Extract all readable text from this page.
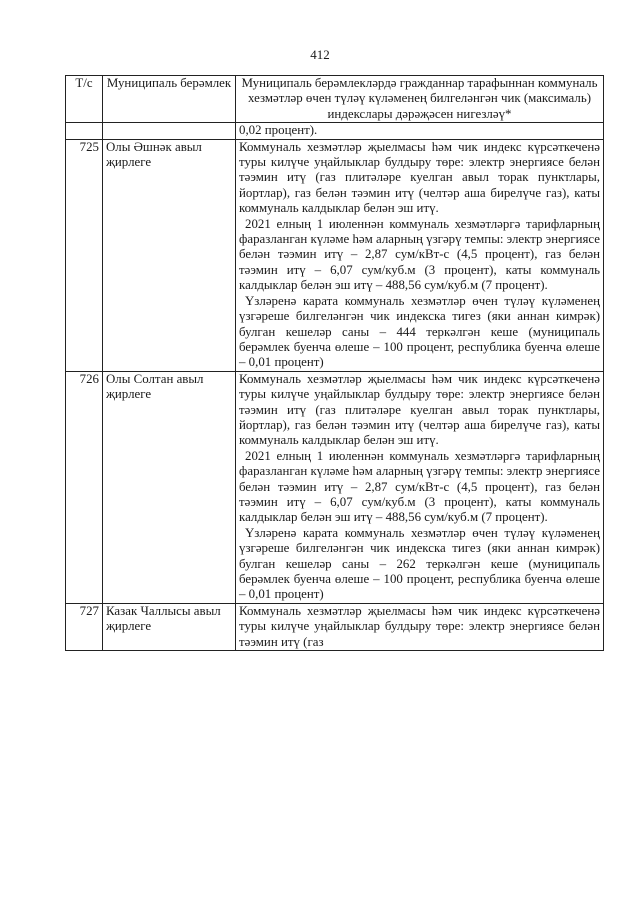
412
Т/с	Муниципаль берәмлек	Муниципаль берәмлекләрдә гражданнар тарафыннан коммуналь хезмәтләр өчен түләү күләменең билгеләнгән чик (максималь) индекслары дәрәҗәсен нигезләү*
		0,02 процент).
725	Олы Әшнәк авыл җирлеге	Коммуналь хезмәтләр җыелмасы һәм чик индекс күрсәткеченә туры килүче уңайлыклар булдыру төре: электр энергиясе белән тәэмин итү (газ плитәләре куелган авыл торак пунктлары, йортлар), газ белән тәэмин итү (челтәр аша бирелүче газ), каты коммуналь калдыклар белән эш итү.
2021 елның 1 июленнән коммуналь хезмәтләргә тарифларның фаразланган күләме һәм аларның үзгәрү темпы: электр энергиясе белән тәэмин итү – 2,87 сум/кВт-с (4,5 процент), газ белән тәэмин итү – 6,07 сум/куб.м (3 процент), каты коммуналь калдыклар белән эш итү – 488,56 сум/куб.м (7 процент).
Үзләренә карата коммуналь хезмәтләр өчен түләү күләменең үзгәреше билгеләнгән чик индекска тигез (яки аннан кимрәк) булган кешеләр саны – 444 теркәлгән кеше (муниципаль берәмлек буенча өлеше – 100 процент, республика буенча өлеше – 0,01 процент)

726	Олы Солтан авыл җирлеге	Коммуналь хезмәтләр җыелмасы һәм чик индекс күрсәткеченә туры килүче уңайлыклар булдыру төре: электр энергиясе белән тәэмин итү (газ плитәләре куелган авыл торак пунктлары, йортлар), газ белән тәэмин итү (челтәр аша бирелүче газ), каты коммуналь калдыклар белән эш итү.
2021 елның 1 июленнән коммуналь хезмәтләргә тарифларның фаразланган күләме һәм аларның үзгәрү темпы: электр энергиясе белән тәэмин итү – 2,87 сум/кВт-с (4,5 процент), газ белән тәэмин итү – 6,07 сум/куб.м (3 процент), каты коммуналь калдыклар белән эш итү – 488,56 сум/куб.м (7 процент).
Үзләренә карата коммуналь хезмәтләр өчен түләү күләменең үзгәреше билгеләнгән чик индекска тигез (яки аннан кимрәк) булган кешеләр саны – 262 теркәлгән кеше (муниципаль берәмлек буенча өлеше – 100 процент, республика буенча өлеше – 0,01 процент)

727	Казак Чаллысы авыл җирлеге	Коммуналь хезмәтләр җыелмасы һәм чик индекс күрсәткеченә туры килүче уңайлыклар булдыру төре: электр энергиясе белән тәэмин итү (газ
